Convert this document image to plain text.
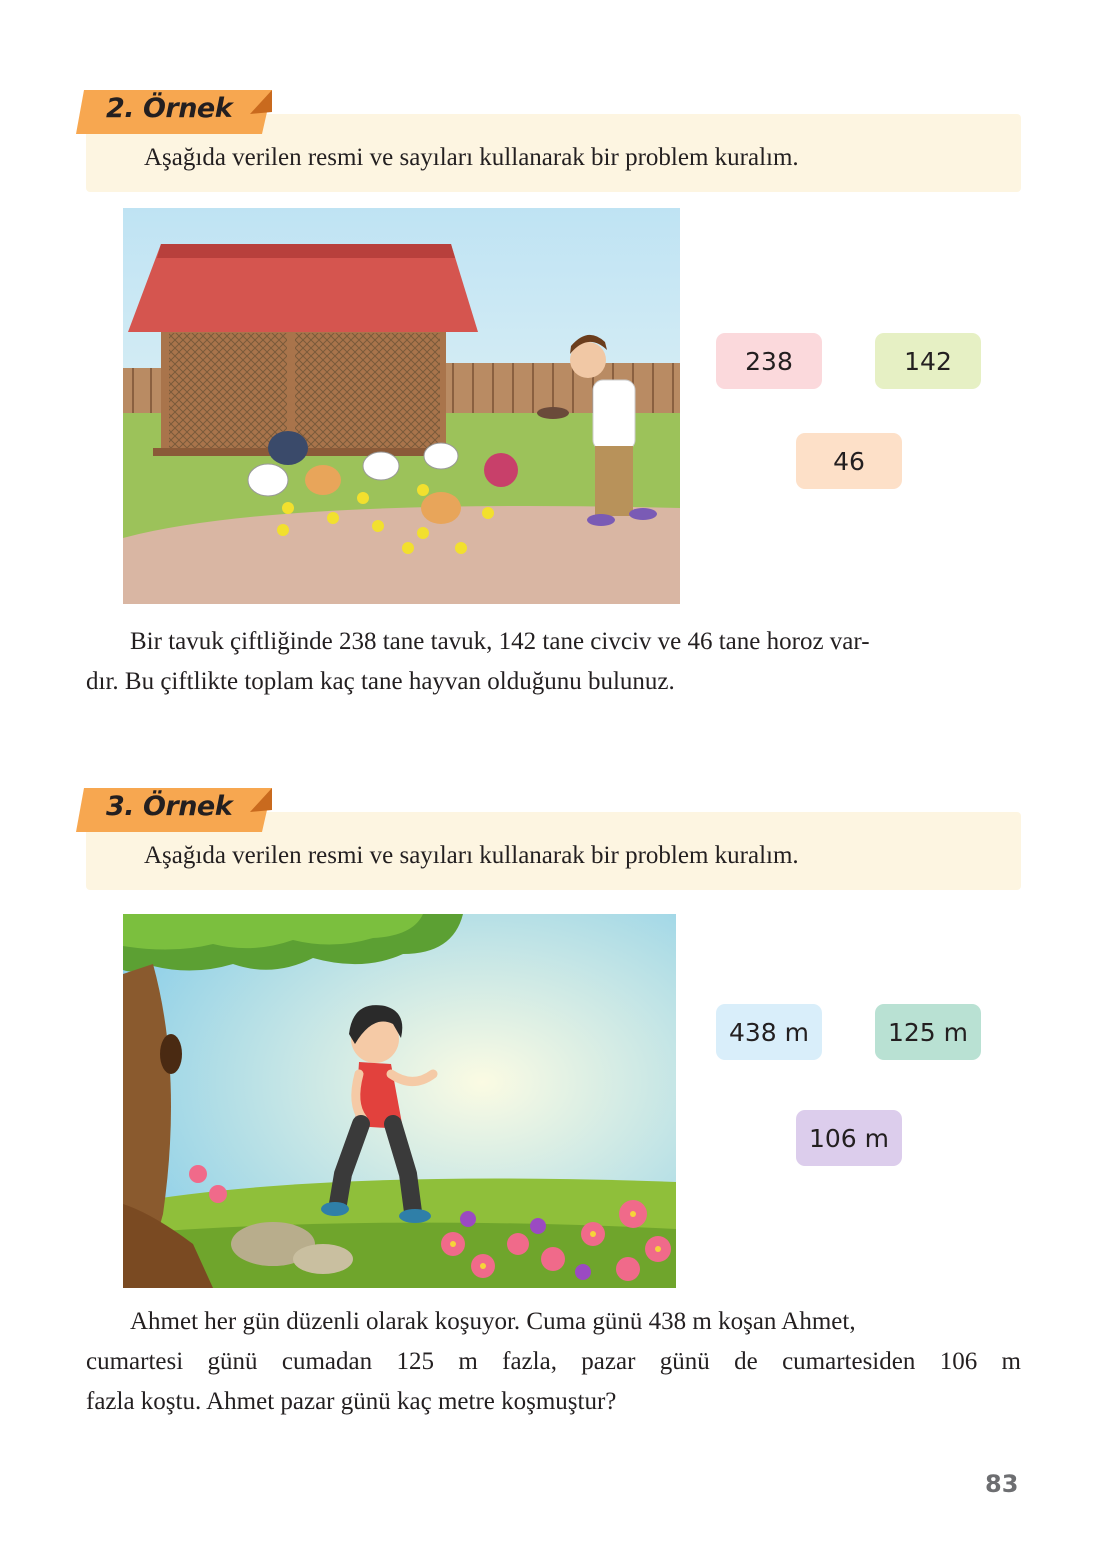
Aşağıda verilen resmi ve sayıları kullanarak bir problem kuralım.
2. Örnek
238	142
46
Bir tavuk çiftliğinde 238 tane tavuk, 142 tane civciv ve 46 tane horoz var-
dır. Bu çiftlikte toplam kaç tane hayvan olduğunu bulunuz.
Aşağıda verilen resmi ve sayıları kullanarak bir problem kuralım.
3. Örnek
438 m	125 m
106 m
Ahmet her gün düzenli olarak koşuyor. Cuma günü 438 m koşan Ahmet,
cumartesi günü cumadan 125 m fazla, pazar günü de cumartesiden 106 m
fazla koştu. Ahmet pazar günü kaç metre koşmuştur?
83
